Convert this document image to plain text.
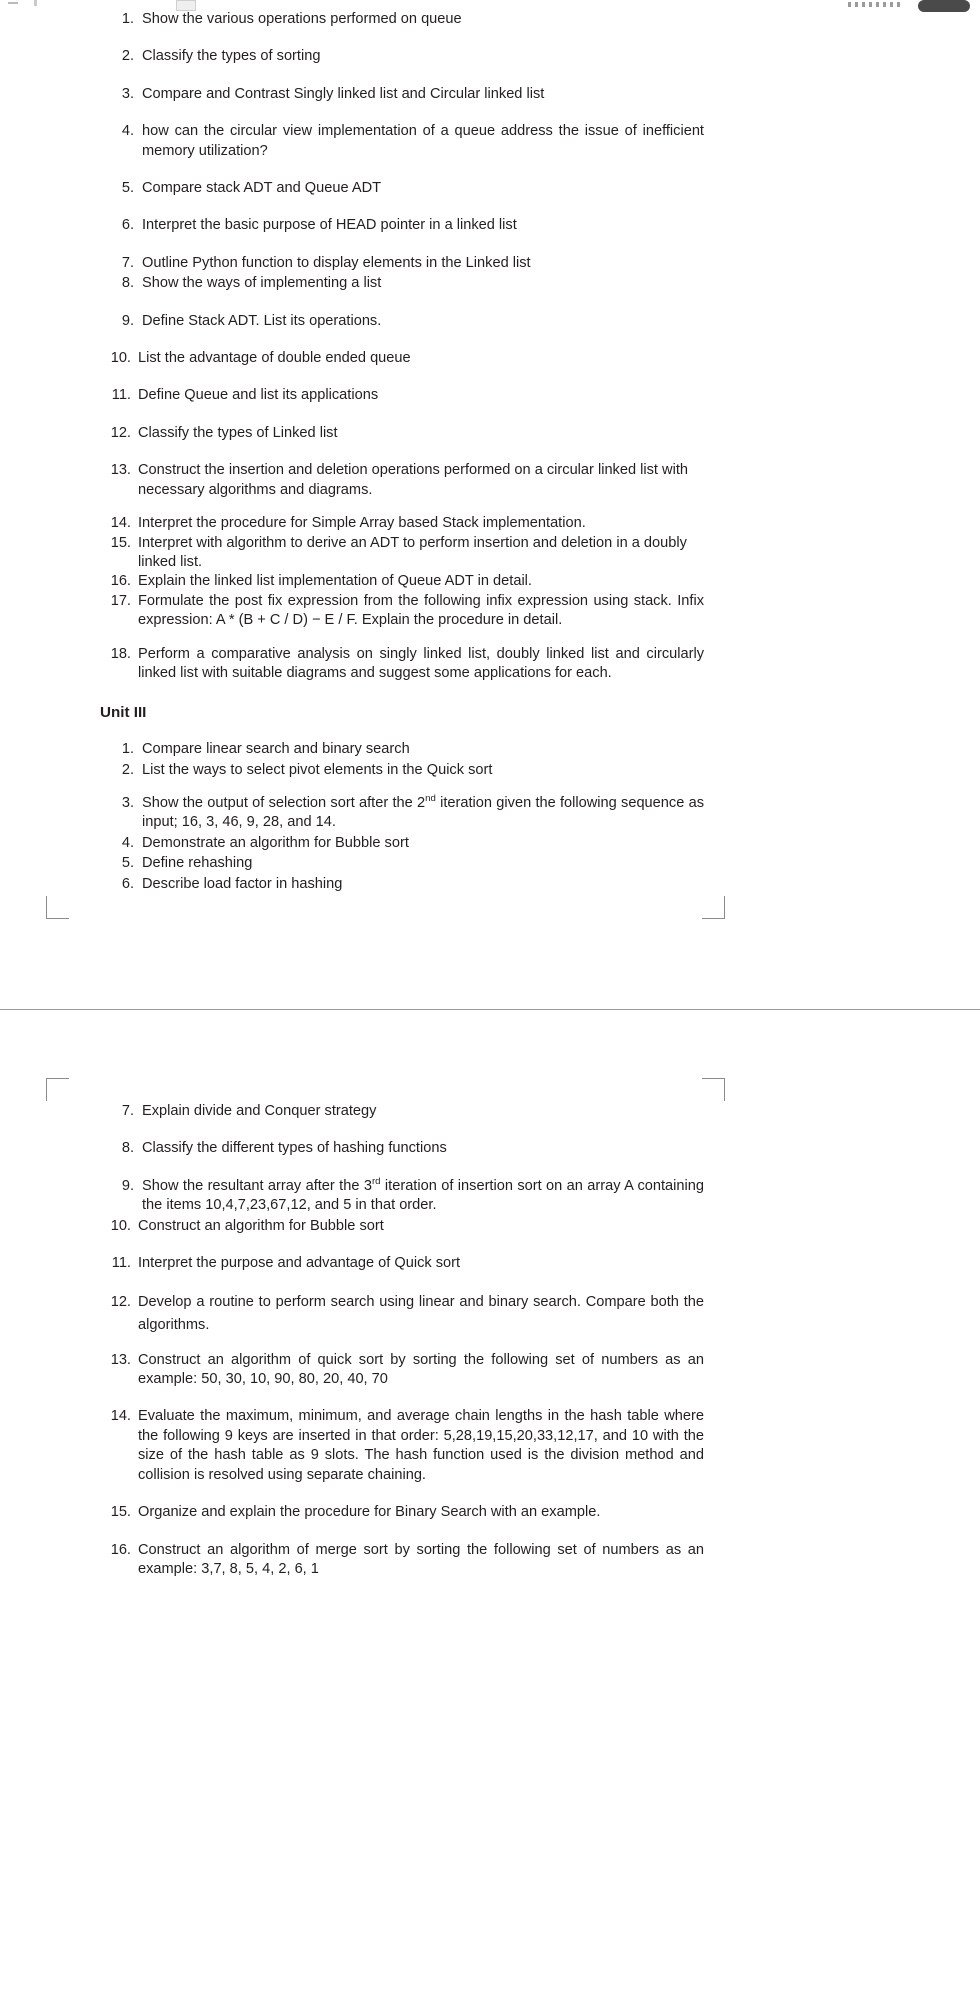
1. Show the various operations performed on queue
2. Classify the types of sorting
3. Compare and Contrast Singly linked list and Circular linked list
4. how can the circular view implementation of a queue address the issue of inefficient memory utilization?
5. Compare stack ADT and Queue ADT
6. Interpret the basic purpose of HEAD pointer in a linked list
7. Outline Python function to display elements in the Linked list
8. Show the ways of implementing a list
9. Define Stack ADT. List its operations.
10. List the advantage of double ended queue
11. Define Queue and list its applications
12. Classify the types of Linked list
13. Construct the insertion and deletion operations performed on a circular linked list with necessary algorithms and diagrams.
14. Interpret the procedure for Simple Array based Stack implementation.
15. Interpret with algorithm to derive an ADT to perform insertion and deletion in a doubly linked list.
16. Explain the linked list implementation of Queue ADT in detail.
17. Formulate the post fix expression from the following infix expression using stack. Infix expression: A * (B + C / D) − E / F. Explain the procedure in detail.
18. Perform a comparative analysis on singly linked list, doubly linked list and circularly linked list with suitable diagrams and suggest some applications for each.
Unit III
1. Compare linear search and binary search
2. List the ways to select pivot elements in the Quick sort
3. Show the output of selection sort after the 2nd iteration given the following sequence as input; 16, 3, 46, 9, 28, and 14.
4. Demonstrate an algorithm for Bubble sort
5. Define rehashing
6. Describe load factor in hashing
7. Explain divide and Conquer strategy
8. Classify the different types of hashing functions
9. Show the resultant array after the 3rd iteration of insertion sort on an array A containing the items 10,4,7,23,67,12, and 5 in that order.
10. Construct an algorithm for Bubble sort
11. Interpret the purpose and advantage of Quick sort
12. Develop a routine to perform search using linear and binary search. Compare both the algorithms.
13. Construct an algorithm of quick sort by sorting the following set of numbers as an example: 50, 30, 10, 90, 80, 20, 40, 70
14. Evaluate the maximum, minimum, and average chain lengths in the hash table where the following 9 keys are inserted in that order: 5,28,19,15,20,33,12,17, and 10 with the size of the hash table as 9 slots. The hash function used is the division method and collision is resolved using separate chaining.
15. Organize and explain the procedure for Binary Search with an example.
16. Construct an algorithm of merge sort by sorting the following set of numbers as an example: 3,7, 8, 5, 4, 2, 6, 1
